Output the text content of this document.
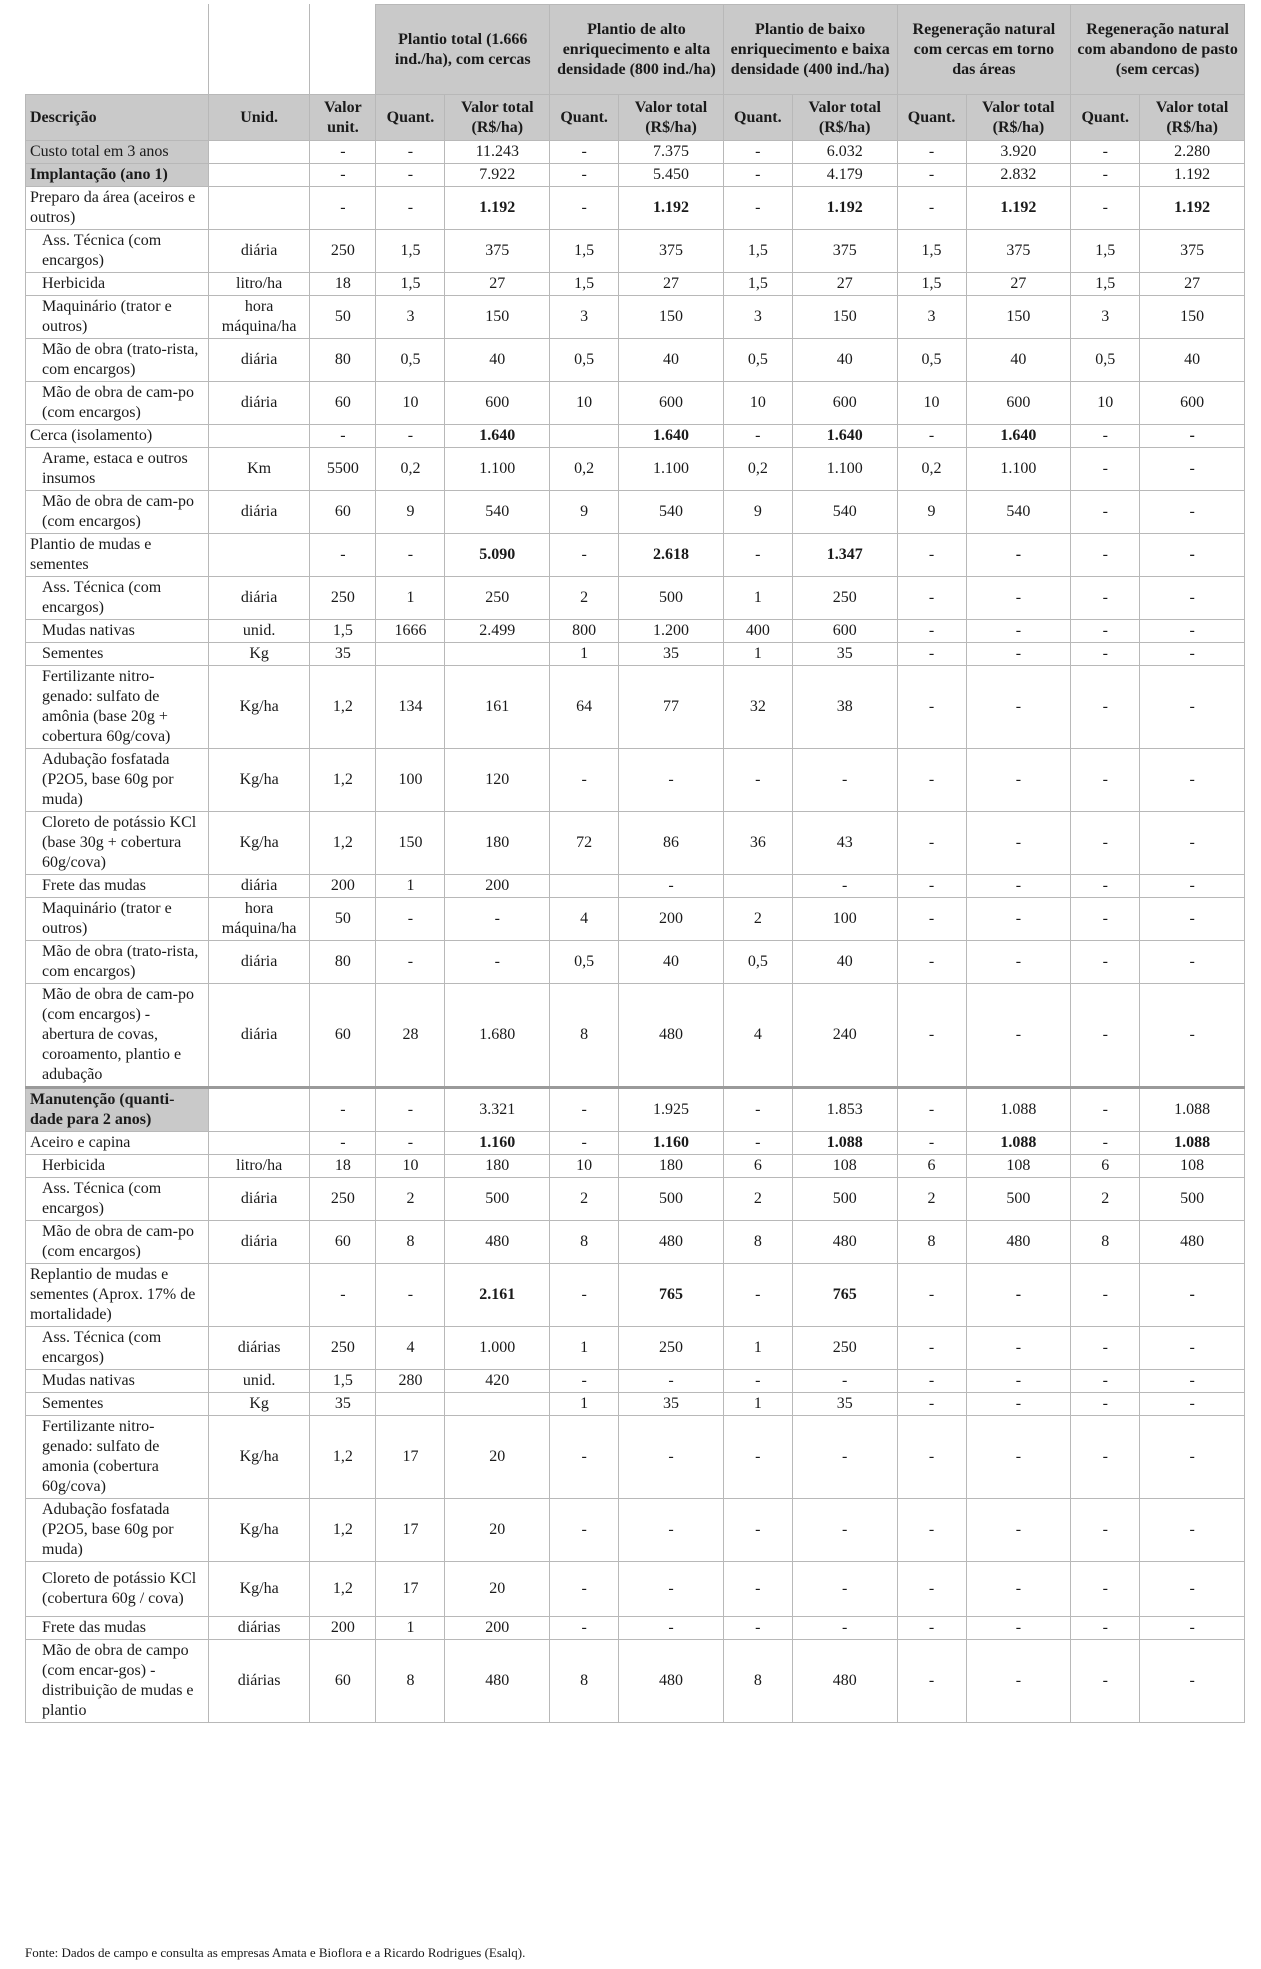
			Plantio total (1.666 ind./ha), com cercas		Plantio de alto enriquecimento e alta densidade (800 ind./ha)		Plantio de baixo enriquecimento e baixa densidade (400 ind./ha)		Regeneração natural com cercas em torno das áreas		Regeneração natural com abandono de pasto (sem cercas)	
Descrição	Unid.	Valor unit.	Quant.	Valor total (R$/ha)	Quant.	Valor total (R$/ha)	Quant.	Valor total (R$/ha)	Quant.	Valor total (R$/ha)	Quant.	Valor total (R$/ha)
Custo total em 3 anos		-	-	11.243	-	7.375	-	6.032	-	3.920	-	2.280
Implantação (ano 1)		-	-	7.922	-	5.450	-	4.179	-	2.832	-	1.192
Preparo da área (aceiros e outros)		-	-	1.192	-	1.192	-	1.192	-	1.192	-	1.192
Ass. Técnica (com encargos)	diária	250	1,5	375	1,5	375	1,5	375	1,5	375	1,5	375
Herbicida	litro/ha	18	1,5	27	1,5	27	1,5	27	1,5	27	1,5	27
Maquinário (trator e outros)	hora máquina/ha	50	3	150	3	150	3	150	3	150	3	150
Mão de obra (trato-rista, com encargos)	diária	80	0,5	40	0,5	40	0,5	40	0,5	40	0,5	40
Mão de obra de cam-po (com encargos)	diária	60	10	600	10	600	10	600	10	600	10	600
Cerca (isolamento)		-	-	1.640		1.640	-	1.640	-	1.640	-	-
Arame, estaca e outros insumos	Km	5500	0,2	1.100	0,2	1.100	0,2	1.100	0,2	1.100	-	-
Mão de obra de cam-po (com encargos)	diária	60	9	540	9	540	9	540	9	540	-	-
Plantio de mudas e sementes		-	-	5.090	-	2.618	-	1.347	-	-	-	-
Ass. Técnica (com encargos)	diária	250	1	250	2	500	1	250	-	-	-	-
Mudas nativas	unid.	1,5	1666	2.499	800	1.200	400	600	-	-	-	-
Sementes	Kg	35			1	35	1	35	-	-	-	-
Fertilizante nitro-genado: sulfato de amônia (base 20g + cobertura 60g/cova)	Kg/ha	1,2	134	161	64	77	32	38	-	-	-	-
Adubação fosfatada (P2O5, base 60g por muda)	Kg/ha	1,2	100	120	-	-	-	-	-	-	-	-
Cloreto de potássio KCl (base 30g + cobertura 60g/cova)	Kg/ha	1,2	150	180	72	86	36	43	-	-	-	-
Frete das mudas	diária	200	1	200		-		-	-	-	-	-
Maquinário (trator e outros)	hora máquina/ha	50	-	-	4	200	2	100	-	-	-	-
Mão de obra (trato-rista, com encargos)	diária	80	-	-	0,5	40	0,5	40	-	-	-	-
Mão de obra de cam-po (com encargos) - abertura de covas, coroamento, plantio e adubação	diária	60	28	1.680	8	480	4	240	-	-	-	-
Manutenção (quanti-dade para 2 anos)		-	-	3.321	-	1.925	-	1.853	-	1.088	-	1.088
Aceiro e capina		-	-	1.160	-	1.160	-	1.088	-	1.088	-	1.088
Herbicida	litro/ha	18	10	180	10	180	6	108	6	108	6	108
Ass. Técnica (com encargos)	diária	250	2	500	2	500	2	500	2	500	2	500
Mão de obra de cam-po (com encargos)	diária	60	8	480	8	480	8	480	8	480	8	480
Replantio de mudas e sementes (Aprox. 17% de mortalidade)		-	-	2.161	-	765	-	765	-	-	-	-
Ass. Técnica (com encargos)	diárias	250	4	1.000	1	250	1	250	-	-	-	-
Mudas nativas	unid.	1,5	280	420	-	-	-	-	-	-	-	-
Sementes	Kg	35			1	35	1	35	-	-	-	-
Fertilizante nitro-genado: sulfato de amonia (cobertura 60g/cova)	Kg/ha	1,2	17	20	-	-	-	-	-	-	-	-
Adubação fosfatada (P2O5, base 60g por muda)	Kg/ha	1,2	17	20	-	-	-	-	-	-	-	-
Cloreto de potássio KCl (cobertura 60g / cova)	Kg/ha	1,2	17	20	-	-	-	-	-	-	-	-
Frete das mudas	diárias	200	1	200	-	-	-	-	-	-	-	-
Mão de obra de campo (com encar-gos) - distribuição de mudas e plantio	diárias	60	8	480	8	480	8	480	-	-	-	-
Fonte: Dados de campo e consulta as empresas Amata e Bioflora e a Ricardo Rodrigues (Esalq).
